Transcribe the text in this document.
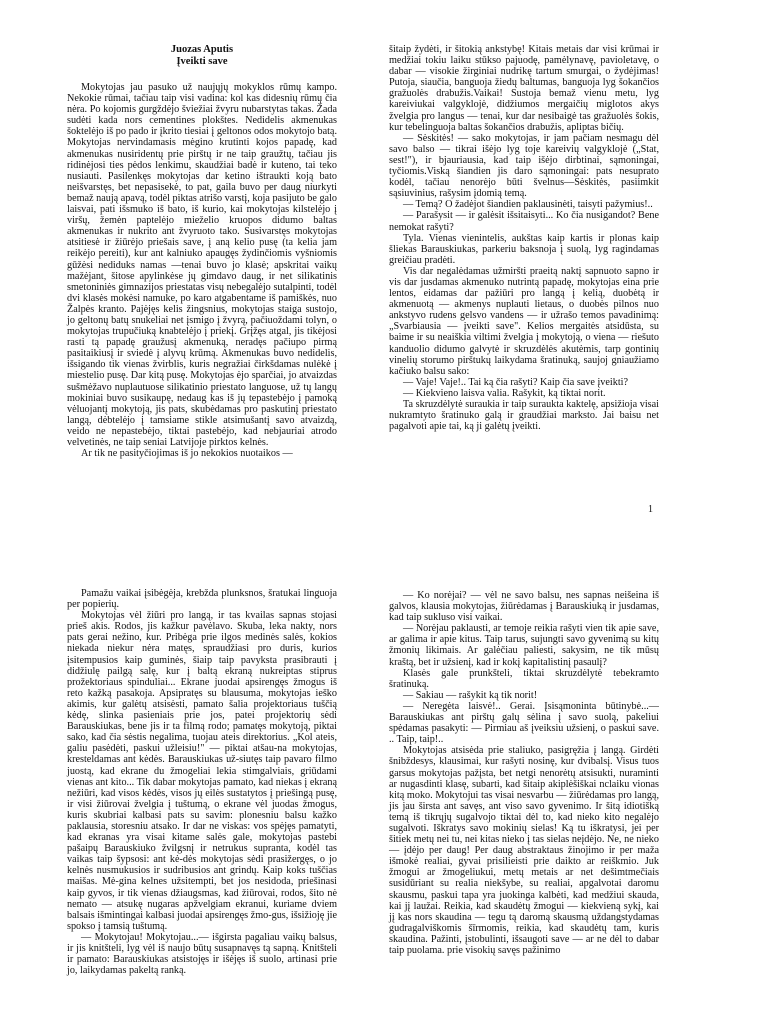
Juozas Aputis
Įveikti save

Mokytojas jau pasuko už naujųjų mokyklos rūmų kampo. Nekokie rūmai, tačiau taip visi vadina: kol kas didesnių rūmų čia nėra. Po kojomis gurgždėjo šviežiai žvyru nubarstytas takas. Žada sudėti kada nors cementines plokštes. Nedidelis akmenukas šoktelėjo iš po pado ir įkrito tiesiai į geltonos odos mokytojo batą. Mokytojas nervindamasis mėgino krutinti kojos papadę, kad akmenukas nusiridentų prie pirštų ir ne taip graužtų, tačiau jis ridinėjosi ties pėdos lenkimu, skaudžiai badė ir kuteno, tai teko nusiauti. Pasilenkęs mokytojas dar ketino ištraukti koją bato neišvarstęs, bet nepasisekė, to pat, gaila buvo per daug niurkyti bemaž naują apavą, todėl piktas atrišo varstį, koja pasijuto be galo laisvai, pati išsmuko iš bato, iš kurio, kai mokytojas kilstelėjo į viršų, žemėn paptelėjo mieželio kruopos didumo baltas akmenukas ir nukrito ant žvyruoto tako. Susivarstęs mokytojas atsitiesė ir žiūrėjo priešais save, į aną kelio pusę (ta kelia jam reikėjo pereiti), kur ant kalniuko apaugęs žydinčiomis vyšniomis gūžėsi nediduks namas —tenai buvo jo klasė; apskritai vaikų mažėjant, šitose apylinkėse jų gimdavo daug, ir net silikatinis smetoniniės gimnazijos priestatas visų nebegalėjo sutalpinti, todėl dvi klasės mokėsi namuke, po karo atgabentame iš pamiškės, nuo Žalpės kranto. Pajėjęs kelis žingsnius, mokytojas staiga sustojo, jo geltonų batų snukeliai net įsmigo į žvyrą, pačiuoždami tolyn, o mokytojas trupučiuką knabtelėjo į priekį. Grįžęs atgal, jis tikėjosi rasti tą papadę graužusį akmenuką, neradęs pačiupo pirmą pasitaikiusį ir sviedė į alyvų krūmą. Akmenukas buvo nedidelis, išsigando tik vienas žvirblis, kuris negražiai čirkšdamas nulėkė į miestelio pusę. Dar kitą pusę. Mokytojas ėjo sparčiai, jo atvaizdas sušmėžavo nuplautuose silikatinio priestato languose, už tų langų mokiniai buvo susikaupę, nedaug kas iš jų tepastebėjo į pamoką vėluojantį mokytoją, jis pats, skubėdamas pro paskutinį priestato langą, dėbtelėjo į tamsiame stikle atsimušantį savo atvaizdą, veido ne nepastebėjo, tiktai pastebėjo, kad nebjauriai atrodo velvetinės, ne taip seniai Latvijoje pirktos kelnės.

Ar tik ne pasityčiojimas iš jo nekokios nuotaikos —

šitaip žydėti, ir šitokią ankstybę! Kitais metais dar visi krūmai ir medžiai tokiu laiku stūkso pajuodę, pamėlynavę, pavioletavę, o dabar — visokie žirginiai nudrikę tartum smurgai, o žydėjimas! Putoja, siaučia, banguoja žiedų baltumas, banguoja lyg šokančios gražuolės drabužis.Vaikai! Sustoja bemaž vienu metu, lyg kareiviukai valgyklojė, didžiumos mergaičių miglotos akys žvelgia pro langus — tenai, kur dar nesibaigė tas gražuolės šokis, kur tebelinguoja baltas šokančios drabužis, apliptas bičių.

— Sėskitės! — sako mokytojas, ir jam pačiam nesmagu dėl savo balso — tikrai išėjo lyg toje kareivių valgyklojė („Stat, sest!"), ir bjauriausia, kad taip išėjo dirbtinai, sąmoningai, tyčiomis.Viską šiandien jis daro sąmoningai: pats nesuprato kodėl, tačiau nenorėjo būti švelnus—Sėskitės, pasiimkit sąsiuvinius, rašysim įdomią temą.

— Temą? O žadėjot šiandien paklausinėti, taisyti pažymius!..

— Parašysit — ir galėsit išsitaisyti... Ko čia nusigandot? Bene nemokat rašyti?

Tyla. Vienas vienintelis, aukštas kaip kartis ir plonas kaip šliekas Barauskiukas, parkeriu baksnoja į suolą, lyg ragindamas greičiau pradėti.

Vis dar negalėdamas užmiršti praeitą naktį sapnuoto sapno ir vis dar jusdamas akmenuko nutrintą papadę, mokytojas eina prie lentos, eidamas dar pažiūri pro langą į kelią, duobėtą ir akmenuotą — akmenys nuplauti lietaus, o duobės pilnos nuo ankstyvo rudens gelsvo vandens — ir užrašo temos pavadinimą: „Svarbiausia — įveikti save". Kelios mergaitės atsidūsta, su baime ir su neaiškia viltimi žvelgia į mokytoją, o viena — riešuto kanduolio didumo galvytė ir skruzdėlės akutėmis, tarp gontinių vinelių storumo pirštukų laikydama šratinuką, saujoj gniaužiamo kačiuko balsu sako:

— Vaje! Vaje!.. Tai ką čia rašyti? Kaip čia save įveikti?

— Kiekvieno laisva valia. Rašykit, ką tiktai norit.

Ta skruzdėlytė suraukia ir taip suraukta kaktelę, apsižioja visai nukramtyto šratinuko galą ir graudžiai marksto. Jai baisu net pagalvoti apie tai, ką ji galėtų įveikti.

1

Pamažu vaikai įsibėgėja, krebžda plunksnos, šratukai linguoja per popierių.

Mokytojas vėl žiūri pro langą, ir tas kvailas sapnas stojasi prieš akis. Rodos, jis kažkur pavėlavo. Skuba, leka nakty, nors pats gerai nežino, kur. Pribėga prie ilgos medinės salės, kokios niekada niekur nėra matęs, spraudžiasi pro duris, kurios įsitempusios kaip guminės, šiaip taip pavyksta prasibrauti į didžiulę pailgą salę, kur į baltą ekraną nukreiptas stiprus prožektoriaus spinduliai... Ekrane juodai apsirengęs žmogus iš reto kažką pasakoja. Apsipratęs su blausuma, mokytojas ieško akimis, kur galėtų atsisėsti, pamato šalia projektoriaus tuščią kėdę, slinka pasieniais prie jos, patei projektorių sėdi Barauskiukas, bene jis ir ta filmą rodo; pamatęs mokytoją, piktai sako, kad čia sėstis negalima, tuojau ateis direktorius. „Kol ateis, galiu pasėdėti, paskui užleisiu!" — piktai atšau-na mokytojas, kresteldamas ant kėdės. Barauskiukas už-siutęs taip pavaro filmo juostą, kad ekrane du žmogeliai lekia stimgalviais, griūdami vienas ant kito... Tik dabar mokytojas pamato, kad niekas į ekraną nežiūri, kad visos kėdės, visos jų eilės sustatytos į priešingą pusę, ir visi žiūrovai žvelgia į tuštumą, o ekrane vėl juodas žmogus, kuris skubriai kalbasi pats su savim: plonesniu balsu kažko paklausia, storesniu atsako. Ir dar ne viskas: vos spėjęs pamatyti, kad ekranas yra visai kitame salės gale, mokytojas pastebi pašaipų Barauskiuko žvilgsnį ir netrukus supranta, kodėl tas vaikas taip šypsosi: ant kė-dės mokytojas sėdi prasižergęs, o jo kelnės nusmukusios ir sudribusios ant grindų. Kaip koks tuščias maišas. Mė-gina kelnes užsitempti, bet jos nesidoda, priešinasi kaip gyvos, ir tik vienas džiaugsmas, kad žiūrovai, rodos, šito nė nemato — atsukę nugaras apžvelgiam ekranui, kuriame dviem balsais išmintingai kalbasi juodai apsirengęs žmo-gus, išsižioję jie spokso į tamsią tuštumą.

— Mokytojau! Mokytojau...— išgirsta pagaliau vaikų balsus, ir jis knitšteli, lyg vėl iš naujo būtų susapnavęs tą sapną. Knitšteli ir pamato: Barauskiukas atsistojęs ir išėjęs iš suolo, artinasi prie jo, laikydamas pakeltą ranką.

— Ko norėjai? — vėl ne savo balsu, nes sapnas neišeina iš galvos, klausia mokytojas, žiūrėdamas į Barauskiuką ir jusdamas, kad taip sukluso visi vaikai.

— Norėjau paklausti, ar temoje reikia rašyti vien tik apie save, ar galima ir apie kitus. Taip tarus, sujungti savo gyvenimą su kitų žmonių likimais. Ar galėčiau paliesti, sakysim, ne tik mūsų kraštą, bet ir užsienį, kad ir kokį kapitalistinį pasaulį?

Klasės gale prunkšteli, tiktai skruzdėlytė tebekramto šratinuką.

— Sakiau — rašykit ką tik norit!

— Neregėta laisvė!.. Gerai. Įsisąmoninta būtinybė...— Barauskiukas ant pirštų galų sėlina į savo suolą, pakeliui spėdamas pasakyti: — Pirmiau aš įveiksiu užsienį, o paskui save. .. Taip, taip!..

Mokytojas atsisėda prie staliuko, pasigręžia į langą. Girdėti šnibždesys, klausimai, kur rašyti nosinę, kur dvibalsį. Visus tuos garsus mokytojas pažįsta, bet netgi nenorėtų atsisukti, nuraminti ar nugasdinti klasę, subarti, kad šitaip akiplėšiškai nclaiku vionas kitą moko. Mokytojui tas visai nesvarbu — žiūrėdamas pro langą, jis jau širsta ant savęs, ant viso savo gyvenimo. Ir šitą idiotišką temą iš tikrųjų sugalvojo tiktai dėl to, kad nieko kito negalėjo sugalvoti. Iškratys savo mokinių sielas! Ką tu iškratysi, jei per šitiek metų nei tu, nei kitas nieko į tas sielas neįdėjo. Ne, ne nieko — įdėjo per daug! Per daug abstraktaus žinojimo ir per maža išmokė realiai, gyvai prisilieisti prie daikto ar reiškmio. Juk žmogui ar žmogeliukui, metų metais ar net dešimtmečiais susidūriant su realia niekšybe, su realiai, apgalvotai daromu skausmu, paskui tapa yra juokinga kalbėti, kad medžiui skauda, kai jį laužai. Reikia, kad skaudėtų žmogui — kiekvieną sykį, kai jį kas nors skaudina — tegu tą daromą skausmą uždangstydamas gudragalviškomis šīrmomis, reikia, kad skaudėtų tam, kuris skaudina. Pažinti, įstobulinti, išsaugoti save — ar ne dėl to dabar taip puolama. prie visokių savęs pažinimo
